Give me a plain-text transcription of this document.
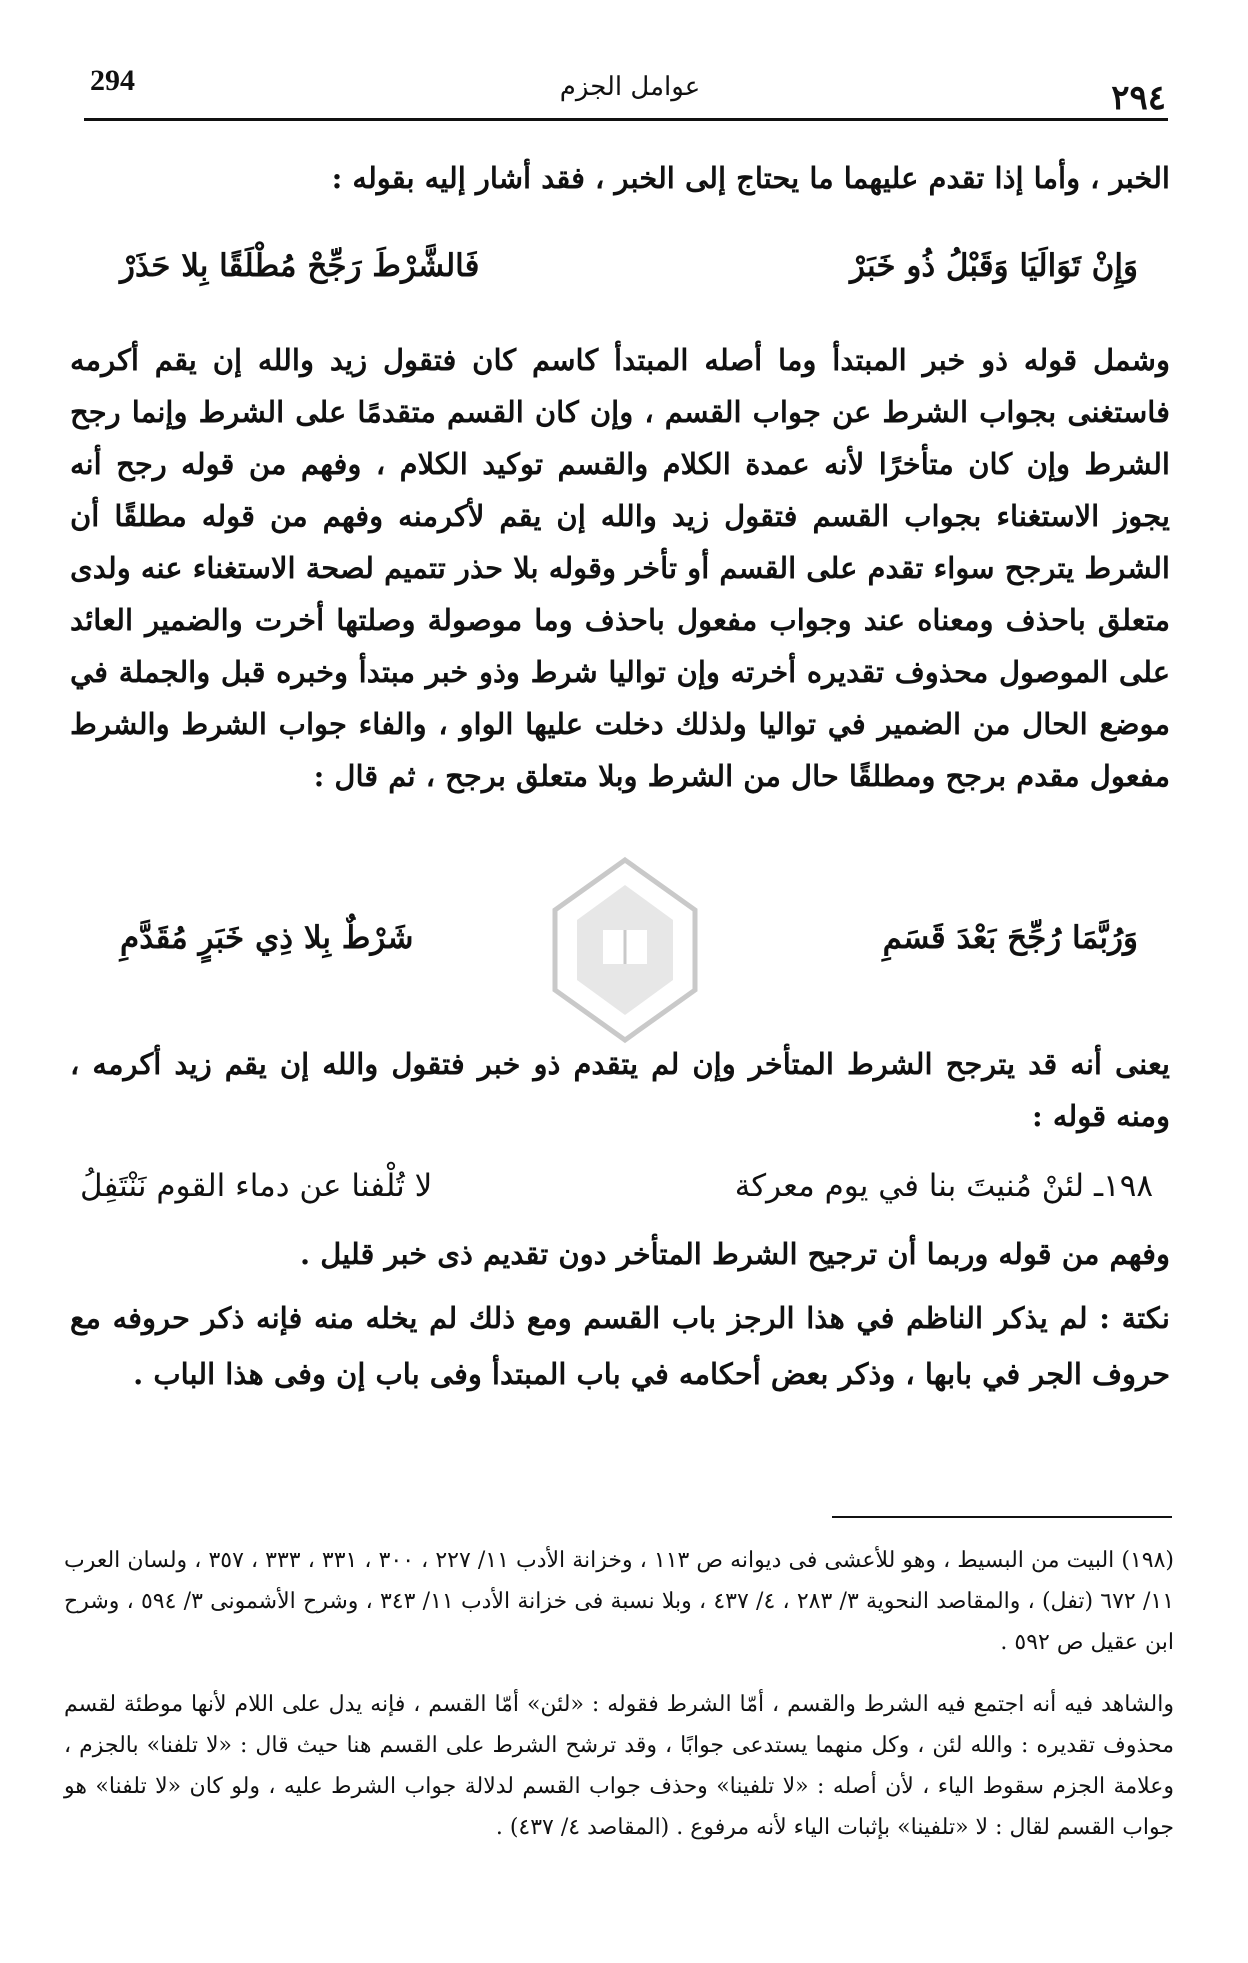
294	عوامل الجزم	٢٩٤
الخبر ، وأما إذا تقدم عليهما ما يحتاج إلى الخبر ، فقد أشار إليه بقوله :
وَإِنْ تَوَالَيَا وَقَبْلُ ذُو خَبَرْ
فَالشَّرْطَ رَجِّحْ مُطْلَقًا بِلا حَذَرْ
وشمل قوله ذو خبر المبتدأ وما أصله المبتدأ كاسم كان فتقول زيد والله إن يقم أكرمه فاستغنى بجواب الشرط عن جواب القسم ، وإن كان القسم متقدمًا على الشرط وإنما رجح الشرط وإن كان متأخرًا لأنه عمدة الكلام والقسم توكيد الكلام ، وفهم من قوله رجح أنه يجوز الاستغناء بجواب القسم فتقول زيد والله إن يقم لأكرمنه وفهم من قوله مطلقًا أن الشرط يترجح سواء تقدم على القسم أو تأخر وقوله بلا حذر تتميم لصحة الاستغناء عنه ولدى متعلق باحذف ومعناه عند وجواب مفعول باحذف وما موصولة وصلتها أخرت والضمير العائد على الموصول محذوف تقديره أخرته وإن تواليا شرط وذو خبر مبتدأ وخبره قبل والجملة في موضع الحال من الضمير في تواليا ولذلك دخلت عليها الواو ، والفاء جواب الشرط والشرط مفعول مقدم برجح ومطلقًا حال من الشرط وبلا متعلق برجح ، ثم قال :
وَرُبَّمَا رُجِّحَ بَعْدَ قَسَمِ
شَرْطٌ بِلا ذِي خَبَرٍ مُقَدَّمِ
يعنى أنه قد يترجح الشرط المتأخر وإن لم يتقدم ذو خبر فتقول والله إن يقم زيد أكرمه ، ومنه قوله :
١٩٨ـ لئنْ مُنيتَ بنا في يوم معركة
لا تُلْفنا عن دماء القوم نَنْتَفِلُ
وفهم من قوله وربما أن ترجيح الشرط المتأخر دون تقديم ذى خبر قليل .
نكتة : لم يذكر الناظم في هذا الرجز باب القسم ومع ذلك لم يخله منه فإنه ذكر حروفه مع حروف الجر في بابها ، وذكر بعض أحكامه في باب المبتدأ وفى باب إن وفى هذا الباب .
(١٩٨) البيت من البسيط ، وهو للأعشى فى ديوانه ص ١١٣ ، وخزانة الأدب ١١/ ٢٢٧ ، ٣٠٠ ، ٣٣١ ، ٣٣٣ ، ٣٥٧ ، ولسان العرب ١١/ ٦٧٢ (تفل) ، والمقاصد النحوية ٣/ ٢٨٣ ، ٤/ ٤٣٧ ، وبلا نسبة فى خزانة الأدب ١١/ ٣٤٣ ، وشرح الأشمونى ٣/ ٥٩٤ ، وشرح ابن عقيل ص ٥٩٢ .
والشاهد فيه أنه اجتمع فيه الشرط والقسم ، أمّا الشرط فقوله : «لئن» أمّا القسم ، فإنه يدل على اللام لأنها موطئة لقسم محذوف تقديره : والله لئن ، وكل منهما يستدعى جوابًا ، وقد ترشح الشرط على القسم هنا حيث قال : «لا تلفنا» بالجزم ، وعلامة الجزم سقوط الياء ، لأن أصله : «لا تلفينا» وحذف جواب القسم لدلالة جواب الشرط عليه ، ولو كان «لا تلفنا» هو جواب القسم لقال : لا «تلفينا» بإثبات الياء لأنه مرفوع . (المقاصد ٤/ ٤٣٧) .
